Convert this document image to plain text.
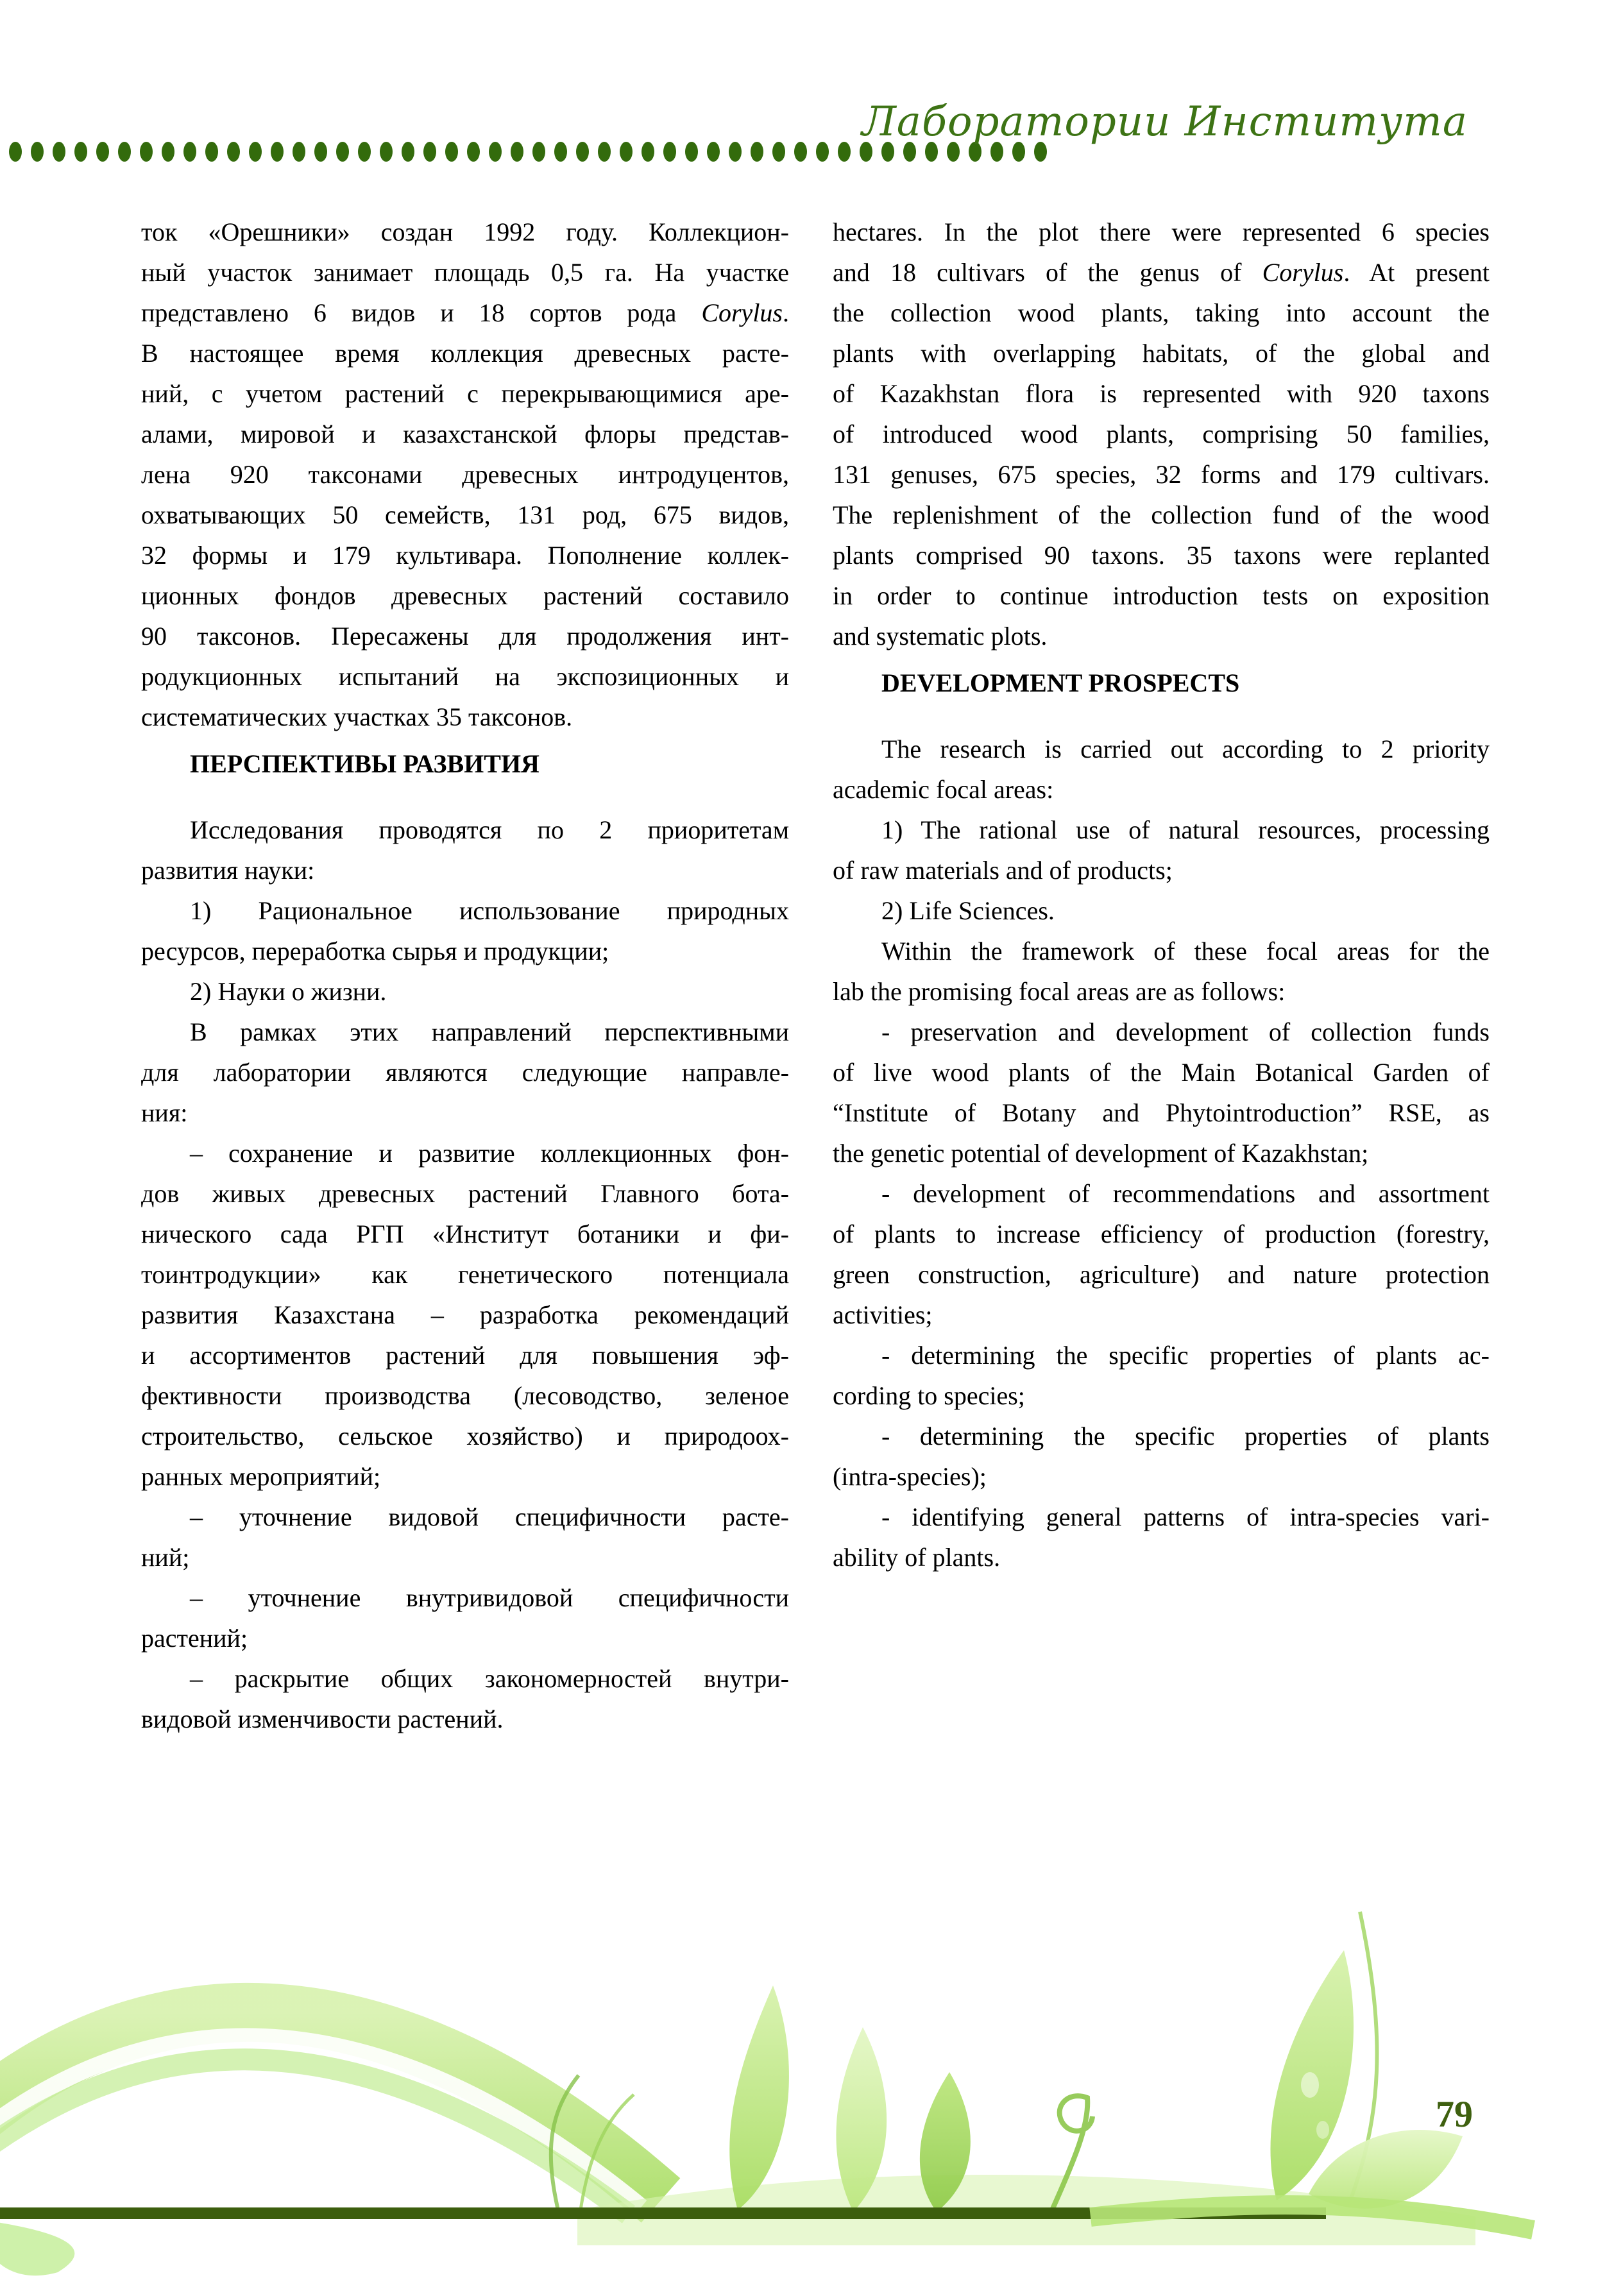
Лаборатории Института
ток «Орешники» создан 1992 году. Коллекцион-
ный участок занимает площадь 0,5 га. На участке
представлено 6 видов и 18 сортов рода Corylus.
В настоящее время коллекция древесных расте-
ний, с учетом растений с перекрывающимися аре-
алами, мировой и казахстанской флоры представ-
лена 920 таксонами древесных интродуцентов,
охватывающих 50 семейств, 131 род, 675 видов,
32 формы и 179 культивара. Пополнение коллек-
ционных фондов древесных растений составило
90 таксонов. Пересажены для продолжения инт-
родукционных испытаний на экспозиционных и
систематических участках 35 таксонов.
ПЕРСПЕКТИВЫ РАЗВИТИЯ
Исследования проводятся по 2 приоритетам
развития науки:
1) Рациональное использование природных
ресурсов, переработка сырья и продукции;
2) Науки о жизни.
В рамках этих направлений перспективными
для лаборатории являются следующие направле-
ния:
– сохранение и развитие коллекционных фон-
дов живых древесных растений Главного бота-
нического сада РГП «Институт ботаники и фи-
тоинтродукции» как генетического потенциала
развития Казахстана – разработка рекомендаций
и ассортиментов растений для повышения эф-
фективности производства (лесоводство, зеленое
строительство, сельское хозяйство) и природоох-
ранных мероприятий;
– уточнение видовой специфичности расте-
ний;
– уточнение внутривидовой специфичности
растений;
– раскрытие общих закономерностей внутри-
видовой изменчивости растений.
hectares. In the plot there were represented 6 species
and 18 cultivars of the genus of Corylus. At present
the collection wood plants, taking into account the
plants with overlapping habitats, of the global and
of Kazakhstan flora is represented with 920 taxons
of introduced wood plants, comprising 50 families,
131 genuses, 675 species, 32 forms and 179 cultivars.
The replenishment of the collection fund of the wood
plants comprised 90 taxons. 35 taxons were replanted
in order to continue introduction tests on exposition
and systematic plots.
DEVELOPMENT PROSPECTS
The research is carried out according to 2 priority
academic focal areas:
1) The rational use of natural resources, processing
of raw materials and of products;
2) Life Sciences.
Within the framework of these focal areas for the
lab the promising focal areas are as follows:
- preservation and development of collection funds
of live wood plants of the Main Botanical Garden of
“Institute of Botany and Phytointroduction” RSE, as
the genetic potential of development of Kazakhstan;
- development of recommendations and assortment
of plants to increase efficiency of production (forestry,
green construction, agriculture) and nature protection
activities;
- determining the specific properties of plants ac-
cording to species;
- determining the specific properties of plants
(intra-species);
- identifying general patterns of intra-species vari-
ability of plants.
79
